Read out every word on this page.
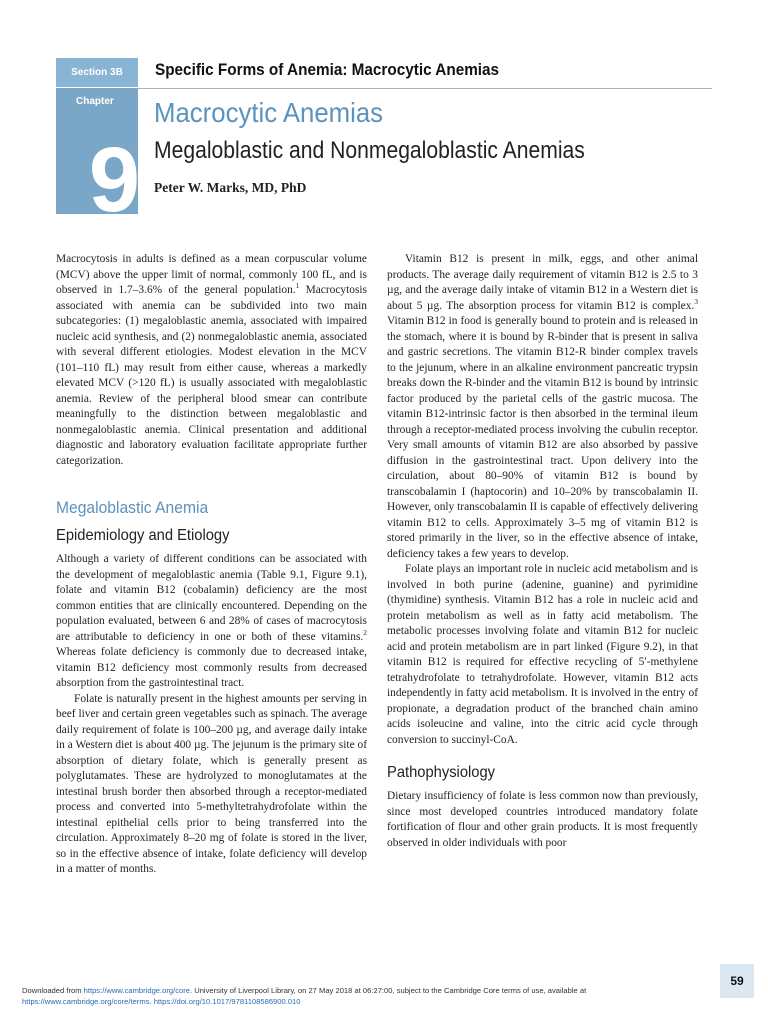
Section 3B	Specific Forms of Anemia: Macrocytic Anemias
Chapter
9
Macrocytic Anemias
Megaloblastic and Nonmegaloblastic Anemias
Peter W. Marks, MD, PhD

Macrocytosis in adults is defined as a mean corpuscular volume (MCV) above the upper limit of normal, commonly 100 fL, and is observed in 1.7–3.6% of the general population.$^1$ Macrocytosis associated with anemia can be subdivided into two main subcategories: (1) megaloblastic anemia, associated with impaired nucleic acid synthesis, and (2) nonmegaloblastic anemia, associated with several different etiologies. Modest elevation in the MCV (101–110 fL) may result from either cause, whereas a markedly elevated MCV (>120 fL) is usually associated with megaloblastic anemia. Review of the peripheral blood smear can contribute meaningfully to the distinction between megaloblastic and nonmegaloblastic anemia. Clinical presentation and additional diagnostic and laboratory evaluation facilitate appropriate further categorization.

Megaloblastic Anemia
Epidemiology and Etiology

Although a variety of different conditions can be associated with the development of megaloblastic anemia (Table 9.1, Figure 9.1), folate and vitamin B12 (cobalamin) deficiency are the most common entities that are clinically encountered. Depending on the population evaluated, between 6 and 28% of cases of macrocytosis are attributable to deficiency in one or both of these vitamins.$^2$ Whereas folate deficiency is commonly due to decreased intake, vitamin B12 deficiency most commonly results from decreased absorption from the gastrointestinal tract.

Folate is naturally present in the highest amounts per serving in beef liver and certain green vegetables such as spinach. The average daily requirement of folate is 100–200 µg, and average daily intake in a Western diet is about 400 µg. The jejunum is the primary site of absorption of dietary folate, which is generally present as polyglutamates. These are hydrolyzed to monoglutamates at the intestinal brush border then absorbed through a receptor-mediated process and converted into 5-methyltetrahydrofolate within the intestinal epithelial cells prior to being transferred into the circulation. Approximately 8–20 mg of folate is stored in the liver, so in the effective absence of intake, folate deficiency will develop in a matter of months.

Vitamin B12 is present in milk, eggs, and other animal products. The average daily requirement of vitamin B12 is 2.5 to 3 µg, and the average daily intake of vitamin B12 in a Western diet is about 5 µg. The absorption process for vitamin B12 is complex.$^3$ Vitamin B12 in food is generally bound to protein and is released in the stomach, where it is bound by R-binder that is present in saliva and gastric secretions. The vitamin B12-R binder complex travels to the jejunum, where in an alkaline environment pancreatic trypsin breaks down the R-binder and the vitamin B12 is bound by intrinsic factor produced by the parietal cells of the gastric mucosa. The vitamin B12-intrinsic factor is then absorbed in the terminal ileum through a receptor-mediated process involving the cubulin receptor. Very small amounts of vitamin B12 are also absorbed by passive diffusion in the gastrointestinal tract. Upon delivery into the circulation, about 80–90% of vitamin B12 is bound by transcobalamin I (haptocorin) and 10–20% by transcobalamin II. However, only transcobalamin II is capable of effectively delivering vitamin B12 to cells. Approximately 3–5 mg of vitamin B12 is stored primarily in the liver, so in the effective absence of intake, deficiency takes a few years to develop.

Folate plays an important role in nucleic acid metabolism and is involved in both purine (adenine, guanine) and pyrimidine (thymidine) synthesis. Vitamin B12 has a role in nucleic acid and protein metabolism as well as in fatty acid metabolism. The metabolic processes involving folate and vitamin B12 for nucleic acid and protein metabolism are in part linked (Figure 9.2), in that vitamin B12 is required for effective recycling of 5′-methylene tetrahydrofolate to tetrahydrofolate. However, vitamin B12 acts independently in fatty acid metabolism. It is involved in the entry of propionate, a degradation product of the branched chain amino acids isoleucine and valine, into the citric acid cycle through conversion to succinyl-CoA.

Pathophysiology

Dietary insufficiency of folate is less common now than previously, since most developed countries introduced mandatory folate fortification of flour and other grain products. It is most frequently observed in older individuals with poor

Downloaded from https://www.cambridge.org/core. University of Liverpool Library, on 27 May 2018 at 06:27:00, subject to the Cambridge Core terms of use, available at
https://www.cambridge.org/core/terms. https://doi.org/10.1017/9781108586900.010
59
